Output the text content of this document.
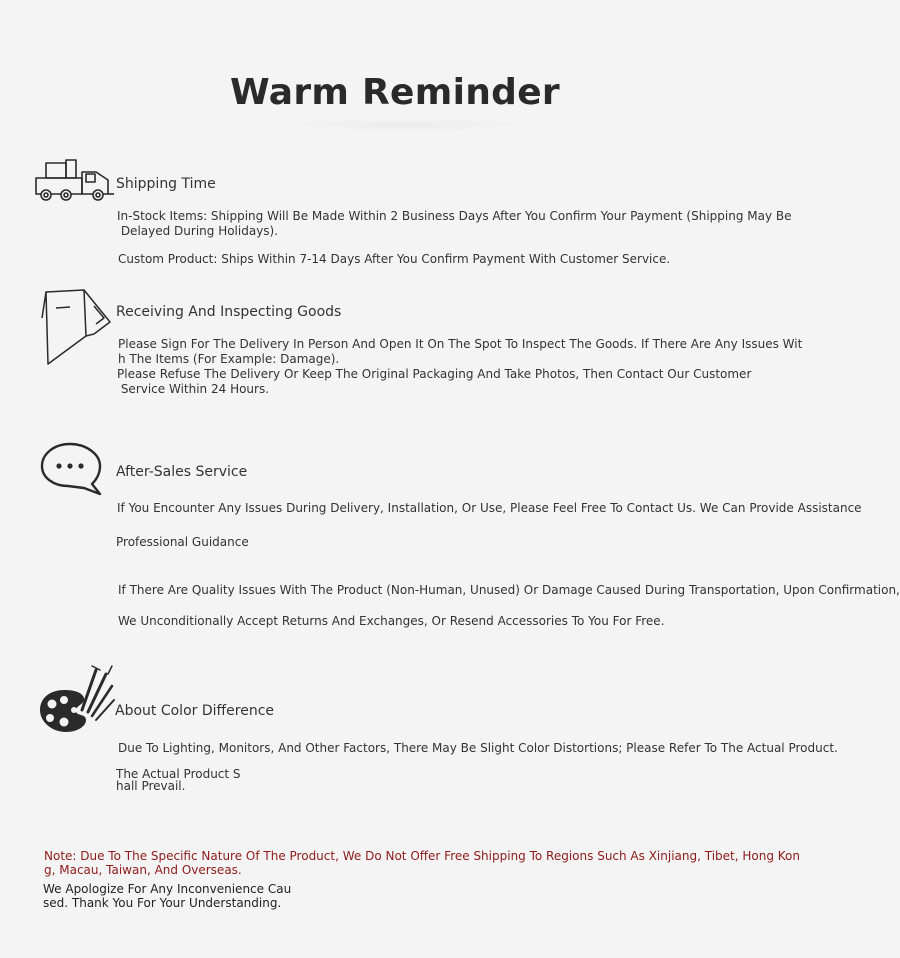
Warm Reminder
Shipping Time
In-Stock Items: Shipping Will Be Made Within 2 Business Days After You Confirm Your Payment (Shipping May Be
Delayed During Holidays).
Custom Product: Ships Within 7-14 Days After You Confirm Payment With Customer Service.
Receiving And Inspecting Goods
Please Sign For The Delivery In Person And Open It On The Spot To Inspect The Goods. If There Are Any Issues Wit
h The Items (For Example: Damage).
Please Refuse The Delivery Or Keep The Original Packaging And Take Photos, Then Contact Our Customer
Service Within 24 Hours.
After-Sales Service
If You Encounter Any Issues During Delivery, Installation, Or Use, Please Feel Free To Contact Us. We Can Provide Assistance
Professional Guidance
If There Are Quality Issues With The Product (Non-Human, Unused) Or Damage Caused During Transportation, Upon Confirmation,
We Unconditionally Accept Returns And Exchanges, Or Resend Accessories To You For Free.
About Color Difference
Due To Lighting, Monitors, And Other Factors, There May Be Slight Color Distortions; Please Refer To The Actual Product.
The Actual Product S
hall Prevail.
Note: Due To The Specific Nature Of The Product, We Do Not Offer Free Shipping To Regions Such As Xinjiang, Tibet, Hong Kon
g, Macau, Taiwan, And Overseas.
We Apologize For Any Inconvenience Cau
sed. Thank You For Your Understanding.
